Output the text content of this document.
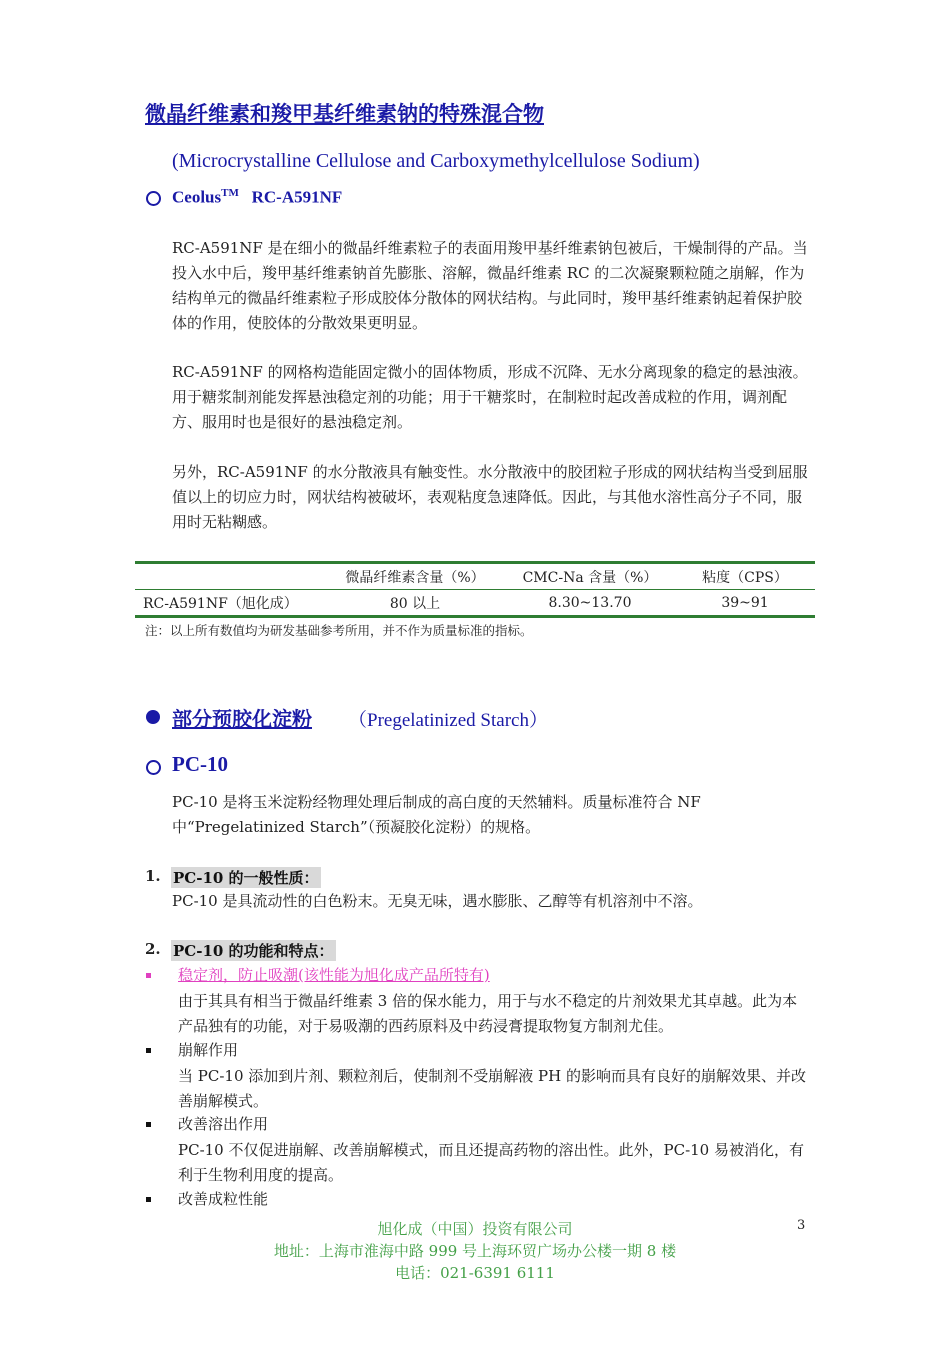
微晶纤维素和羧甲基纤维素钠的特殊混合物
(Microcrystalline Cellulose and Carboxymethylcellulose Sodium)
Ceolus™ RC-A591NF
RC-A591NF 是在细小的微晶纤维素粒子的表面用羧甲基纤维素钠包被后，干燥制得的产品。当投入水中后，羧甲基纤维素钠首先膨胀、溶解，微晶纤维素 RC 的二次凝聚颗粒随之崩解，作为结构单元的微晶纤维素粒子形成胶体分散体的网状结构。与此同时，羧甲基纤维素钠起着保护胶体的作用，使胶体的分散效果更明显。
RC-A591NF 的网格构造能固定微小的固体物质，形成不沉降、无水分离现象的稳定的悬浊液。用于糖浆制剂能发挥悬浊稳定剂的功能；用于干糖浆时，在制粒时起改善成粒的作用，调剂配方、服用时也是很好的悬浊稳定剂。
另外，RC-A591NF 的水分散液具有触变性。水分散液中的胶团粒子形成的网状结构当受到屈服值以上的切应力时，网状结构被破坏，表观粘度急速降低。因此，与其他水溶性高分子不同，服用时无粘糊感。
	微晶纤维素含量（%）	CMC-Na 含量（%）	粘度（CPS）
RC-A591NF（旭化成）	80 以上	8.30~13.70	39~91
注：以上所有数值均为研发基础参考所用，并不作为质量标准的指标。
部分预胶化淀粉 （Pregelatinized Starch）
PC-10
PC-10 是将玉米淀粉经物理处理后制成的高白度的天然辅料。质量标准符合 NF 中“Pregelatinized Starch”（预凝胶化淀粉）的规格。
1. PC-10 的一般性质：
PC-10 是具流动性的白色粉末。无臭无味，遇水膨胀、乙醇等有机溶剂中不溶。
2. PC-10 的功能和特点：
稳定剂，防止吸潮(该性能为旭化成产品所特有)
由于其具有相当于微晶纤维素 3 倍的保水能力，用于与水不稳定的片剂效果尤其卓越。此为本产品独有的功能，对于易吸潮的西药原料及中药浸膏提取物复方制剂尤佳。
崩解作用
当 PC-10 添加到片剂、颗粒剂后，使制剂不受崩解液 PH 的影响而具有良好的崩解效果、并改善崩解模式。
改善溶出作用
PC-10 不仅促进崩解、改善崩解模式，而且还提高药物的溶出性。此外，PC-10 易被消化，有利于生物利用度的提高。
改善成粒性能
3
旭化成（中国）投资有限公司
地址：上海市淮海中路 999 号上海环贸广场办公楼一期 8 楼
电话：021-6391 6111
